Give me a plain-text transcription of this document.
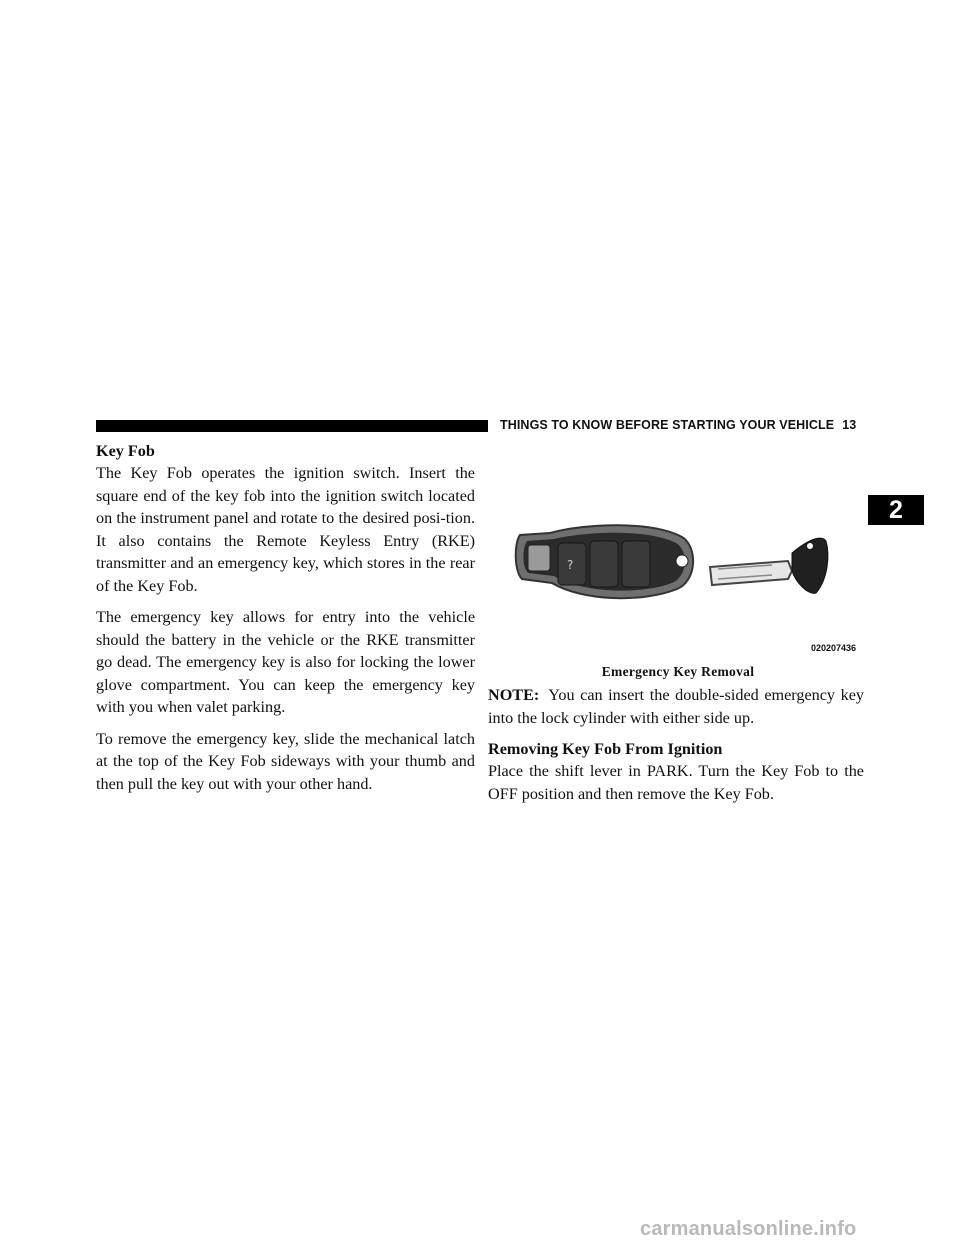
THINGS TO KNOW BEFORE STARTING YOUR VEHICLE 13
2
Key Fob

The Key Fob operates the ignition switch. Insert the square end of the key fob into the ignition switch located on the instrument panel and rotate to the desired posi-tion. It also contains the Remote Keyless Entry (RKE) transmitter and an emergency key, which stores in the rear of the Key Fob.

The emergency key allows for entry into the vehicle should the battery in the vehicle or the RKE transmitter go dead. The emergency key is also for locking the lower glove compartment. You can keep the emergency key with you when valet parking.

To remove the emergency key, slide the mechanical latch at the top of the Key Fob sideways with your thumb and then pull the key out with your other hand.

?
020207436
Emergency Key Removal

NOTE: You can insert the double-sided emergency key into the lock cylinder with either side up.

Removing Key Fob From Ignition

Place the shift lever in PARK. Turn the Key Fob to the OFF position and then remove the Key Fob.

carmanualsonline.info
